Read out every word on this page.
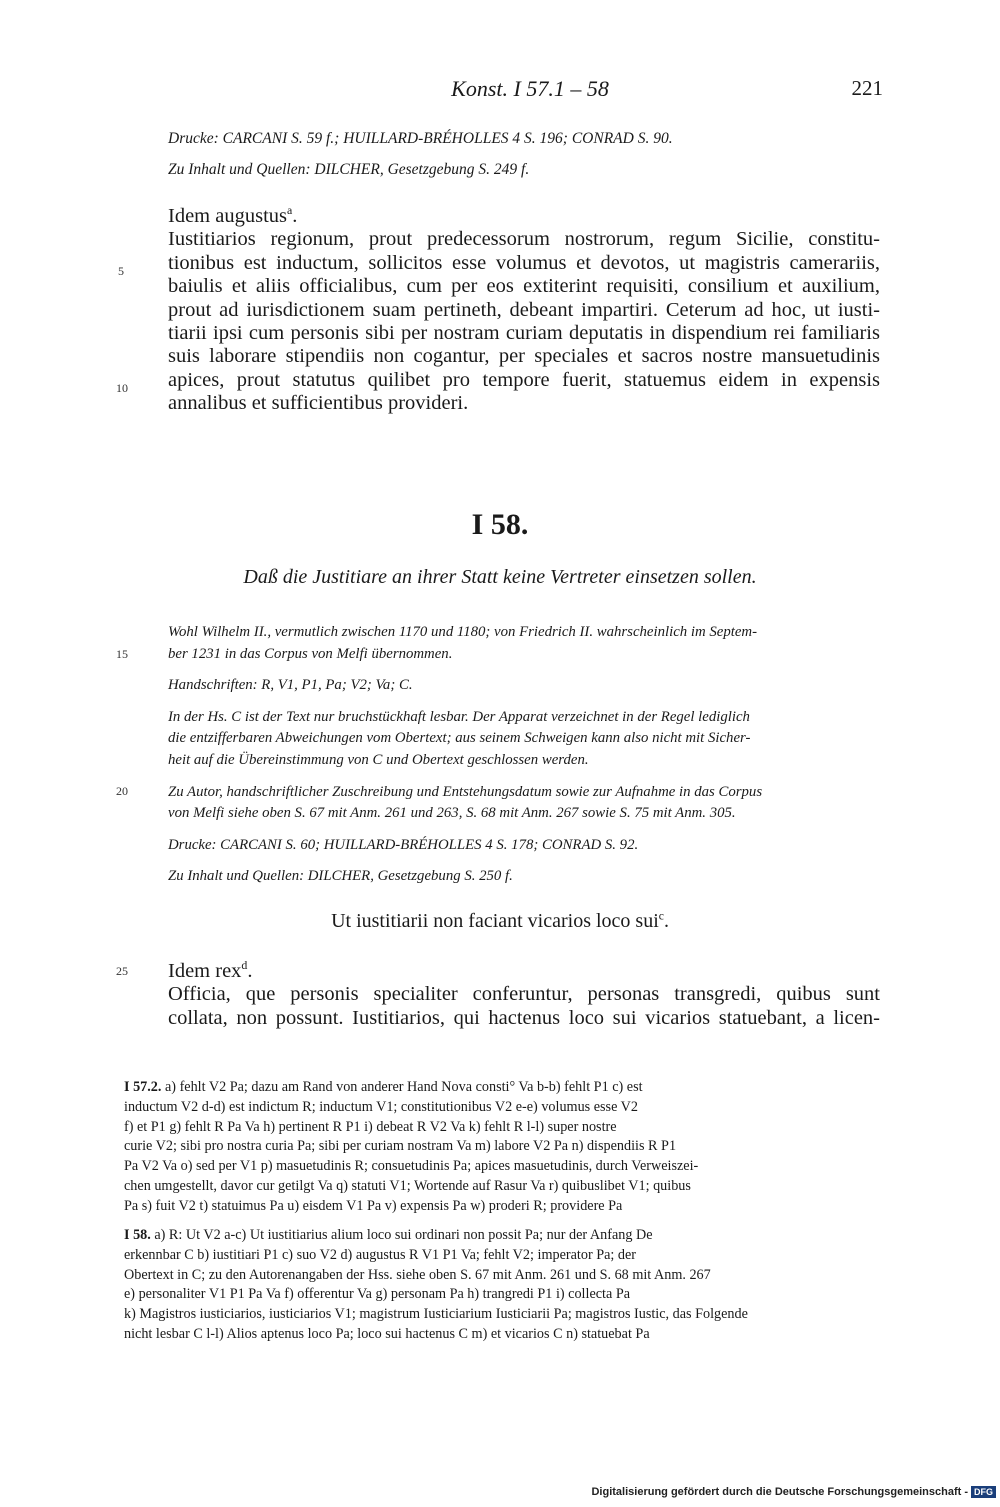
Konst. I 57.1 – 58	221
Drucke: CARCANI S. 59 f.; HUILLARD-BRÉHOLLES 4 S. 196; CONRAD S. 90.
Zu Inhalt und Quellen: DILCHER, Gesetzgebung S. 249 f.
Idem augustus$^a$.
Iustitiarios regionum, prout predecessorum nostrorum, regum Sicilie, constitu-
tionibus est inductum, sollicitos esse volumus et devotos, ut magistris camerariis,
baiulis et aliis officialibus, cum per eos extiterint requisiti, consilium et auxilium,
prout ad iurisdictionem suam pertineth, debeant impartiri. Ceterum ad hoc, ut iusti-
tiarii ipsi cum personis sibi per nostram curiam deputatis in dispendium rei familiaris
suis laborare stipendiis non cogantur, per speciales et sacros nostre mansuetudinis
apices, prout statutus quilibet pro tempore fuerit, statuemus eidem in expensis
annalibus et sufficientibus provideri.
5
10
15
20
25
I 58.
Daß die Justitiare an ihrer Statt keine Vertreter einsetzen sollen.
Wohl Wilhelm II., vermutlich zwischen 1170 und 1180; von Friedrich II. wahrscheinlich im Septem-
ber 1231 in das Corpus von Melfi übernommen.
Handschriften: R, V1, P1, Pa; V2; Va; C.
In der Hs. C ist der Text nur bruchstückhaft lesbar. Der Apparat verzeichnet in der Regel lediglich
die entzifferbaren Abweichungen vom Obertext; aus seinem Schweigen kann also nicht mit Sicher-
heit auf die Übereinstimmung von C und Obertext geschlossen werden.
Zu Autor, handschriftlicher Zuschreibung und Entstehungsdatum sowie zur Aufnahme in das Corpus
von Melfi siehe oben S. 67 mit Anm. 261 und 263, S. 68 mit Anm. 267 sowie S. 75 mit Anm. 305.
Drucke: CARCANI S. 60; HUILLARD-BRÉHOLLES 4 S. 178; CONRAD S. 92.
Zu Inhalt und Quellen: DILCHER, Gesetzgebung S. 250 f.
Ut iustitiarii non faciant vicarios loco sui$^c$.
Idem rex$^d$.
Officia, que personis specialiter conferuntur, personas transgredi, quibus sunt
collata, non possunt. Iustitiarios, qui hactenus loco sui vicarios statuebant, a licen-
I 57.2. a) fehlt V2 Pa; dazu am Rand von anderer Hand Nova consti° Va b-b) fehlt P1 c) est
inductum V2 d-d) est indictum R; inductum V1; constitutionibus V2 e-e) volumus esse V2
f) et P1 g) fehlt R Pa Va h) pertinent R P1 i) debeat R V2 Va k) fehlt R l-l) super nostre
curie V2; sibi pro nostra curia Pa; sibi per curiam nostram Va m) labore V2 Pa n) dispendiis R P1
Pa V2 Va o) sed per V1 p) masuetudinis R; consuetudinis Pa; apices masuetudinis, durch Verweiszei-
chen umgestellt, davor cur getilgt Va q) statuti V1; Wortende auf Rasur Va r) quibuslibet V1; quibus
Pa s) fuit V2 t) statuimus Pa u) eisdem V1 Pa v) expensis Pa w) proderi R; providere Pa
I 58. a) R: Ut V2 a-c) Ut iustitiarius alium loco sui ordinari non possit Pa; nur der Anfang De
erkennbar C b) iustitiari P1 c) suo V2 d) augustus R V1 P1 Va; fehlt V2; imperator Pa; der
Obertext in C; zu den Autorenangaben der Hss. siehe oben S. 67 mit Anm. 261 und S. 68 mit Anm. 267
e) personaliter V1 P1 Pa Va f) offerentur Va g) personam Pa h) trangredi P1 i) collecta Pa
k) Magistros iusticiarios, iusticiarios V1; magistrum Iusticiarium Iusticiarii Pa; magistros Iustic, das Folgende
nicht lesbar C l-l) Alios aptenus loco Pa; loco sui hactenus C m) et vicarios C n) statuebat Pa
Digitalisierung gefördert durch die Deutsche Forschungsgemeinschaft - DFG
